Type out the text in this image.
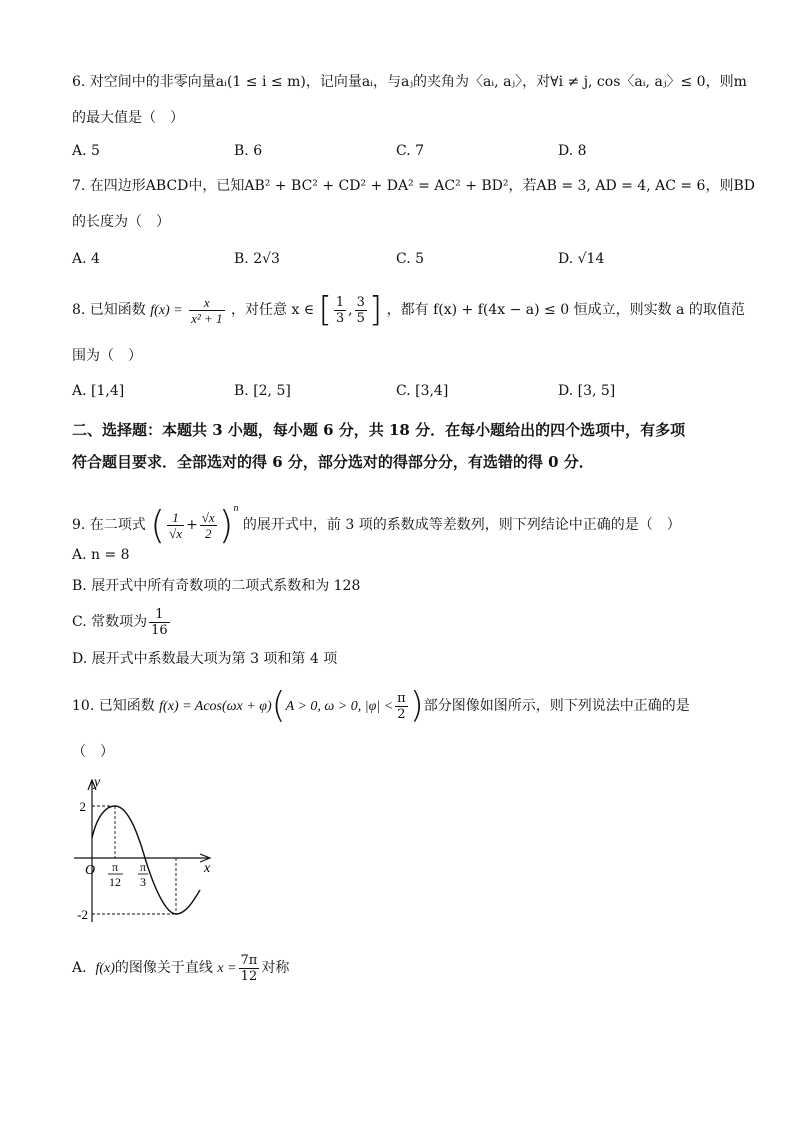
6. 对空间中的非零向量aᵢ(1 ≤ i ≤ m)，记向量aᵢ，与aⱼ的夹角为〈aᵢ, aⱼ〉，对∀i ≠ j, cos〈aᵢ, aⱼ〉≤ 0，则m
的最大值是（　）
A. 5	B. 6	C. 7	D. 8
7. 在四边形ABCD中，已知AB² + BC² + CD² + DA² = AC² + BD²，若AB = 3, AD = 4, AC = 6，则BD
的长度为（　）
A. 4	B. 2√3	C. 5	D. √14
8. 已知函数 $f(x) = \frac{x}{\text{x² + 1}}$ ，对任意 x ∈ [ $\frac{1}{3}$ , $\frac{3}{5}$ ] ，都有 f(x) + f(4x − a) ≤ 0 恒成立，则实数 a 的取值范
围为（　）
A. [1,4]	B. [2, 5]	C. [3,4]	D. [3, 5]
二、选择题：本题共 3 小题，每小题 6 分，共 18 分．在每小题给出的四个选项中，有多项
符合题目要求．全部选对的得 6 分，部分选对的得部分分，有选错的得 0 分．
9. 在二项式 ( $\frac{1}{√x} + \frac{√x}{2} )^n$ 的展开式中，前 3 项的系数成等差数列，则下列结论中正确的是（　）
A. n = 8
B. 展开式中所有奇数项的二项式系数和为 128
C. 常数项为 $\frac{1}{16}$
D. 展开式中系数最大项为第 3 项和第 4 项
10. 已知函数 f(x) = Acos(ωx + φ)(A > 0, ω > 0, $|\varphi| < \frac{\pi}{2}$ )部分图像如图所示，则下列说法中正确的是
（　）
y
x
O
2
-2
π
12
π
3
A. f(x)的图像关于直线 $x = \frac{7\pi}{12}$ 对称
